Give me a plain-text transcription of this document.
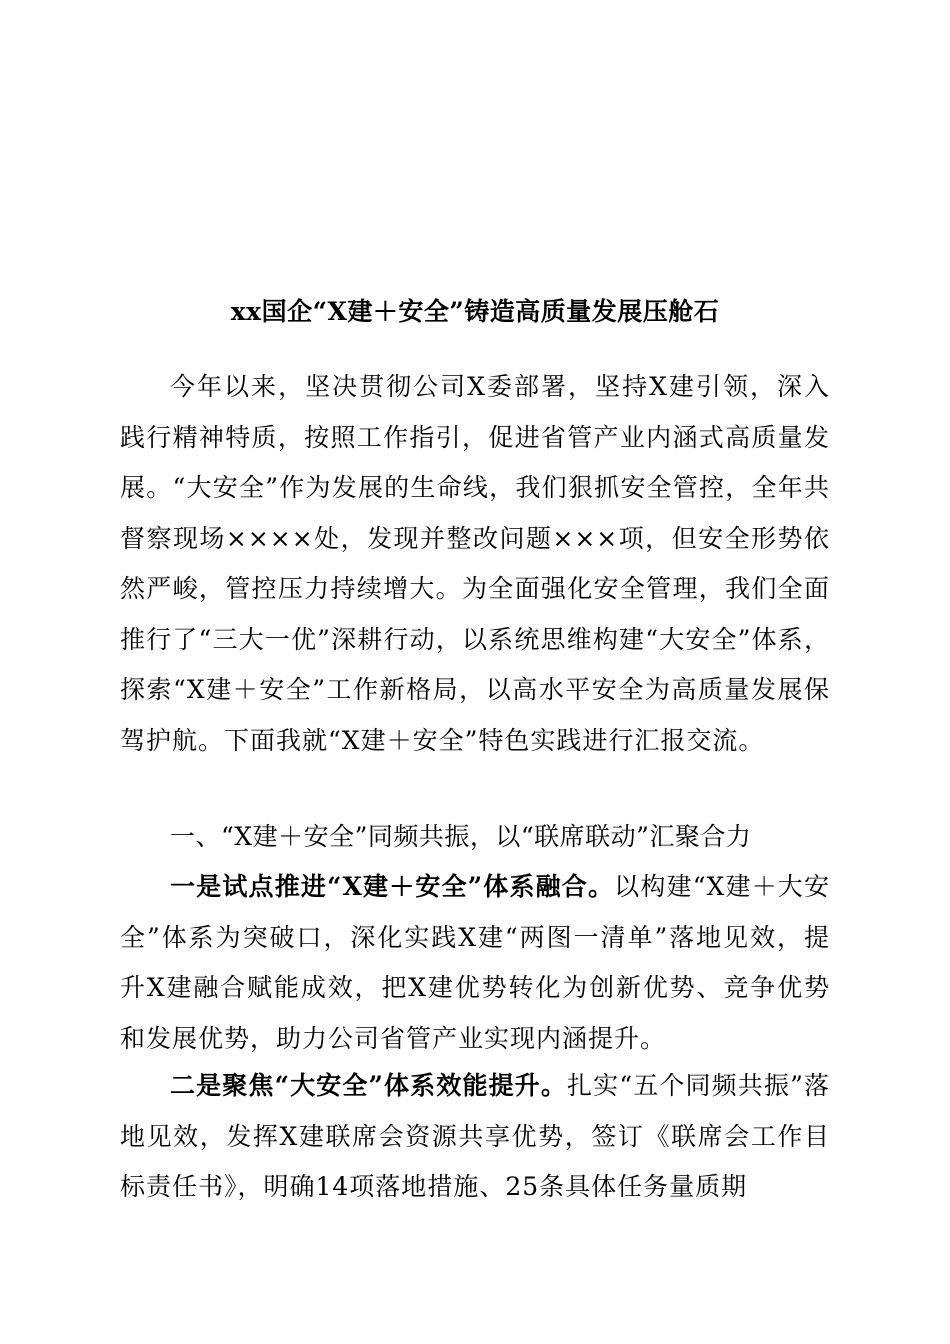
xx国企“X建＋安全”铸造高质量发展压舱石

今年以来，坚决贯彻公司X委部署，坚持X建引领，深入践行精神特质，按照工作指引，促进省管产业内涵式高质量发展。“大安全”作为发展的生命线，我们狠抓安全管控，全年共督察现场××××处，发现并整改问题×××项，但安全形势依然严峻，管控压力持续增大。为全面强化安全管理，我们全面推行了“三大一优”深耕行动，以系统思维构建“大安全”体系，探索“X建＋安全”工作新格局，以高水平安全为高质量发展保驾护航。下面我就“X建＋安全”特色实践进行汇报交流。

一、“X建＋安全”同频共振，以“联席联动”汇聚合力

一是试点推进“X建＋安全”体系融合。以构建“X建＋大安全”体系为突破口，深化实践X建“两图一清单”落地见效，提升X建融合赋能成效，把X建优势转化为创新优势、竞争优势和发展优势，助力公司省管产业实现内涵提升。

二是聚焦“大安全”体系效能提升。扎实“五个同频共振”落地见效，发挥X建联席会资源共享优势，签订《联席会工作目标责任书》，明确14项落地措施、25条具体任务量质期
